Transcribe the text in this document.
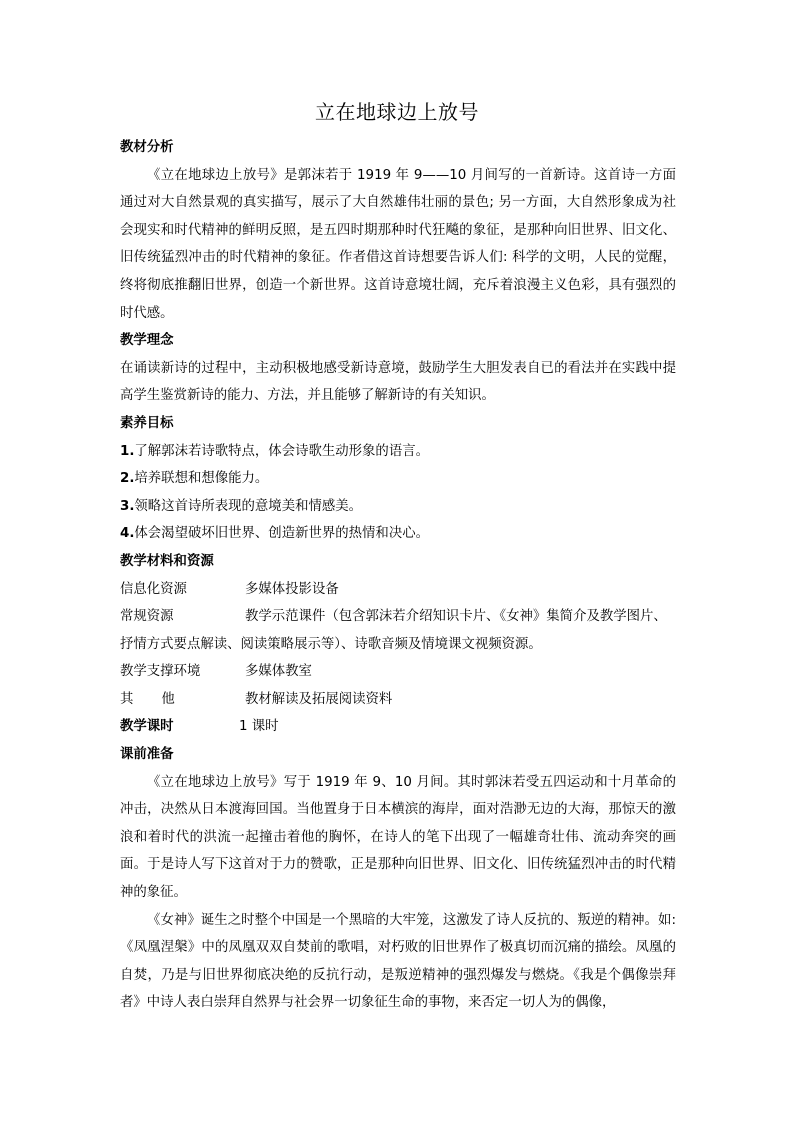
立在地球边上放号
教材分析

《立在地球边上放号》是郭沫若于 1919 年 9——10 月间写的一首新诗。这首诗一方面通过对大自然景观的真实描写，展示了大自然雄伟壮丽的景色; 另一方面，大自然形象成为社会现实和时代精神的鲜明反照，是五四时期那种时代狂飚的象征，是那种向旧世界、旧文化、旧传统猛烈冲击的时代精神的象征。作者借这首诗想要告诉人们: 科学的文明，人民的觉醒，终将彻底推翻旧世界，创造一个新世界。这首诗意境壮阔，充斥着浪漫主义色彩，具有强烈的时代感。

教学理念

在诵读新诗的过程中，主动积极地感受新诗意境，鼓励学生大胆发表自已的看法并在实践中提高学生鉴赏新诗的能力、方法，并且能够了解新诗的有关知识。

素养目标

1.了解郭沫若诗歌特点，体会诗歌生动形象的语言。

2.培养联想和想像能力。

3.领略这首诗所表现的意境美和情感美。

4.体会渴望破坏旧世界、创造新世界的热情和决心。

教学材料和资源
信息化资源	多媒体投影设备

常规资源	教学示范课件（包含郭沫若介绍知识卡片、《女神》集简介及教学图片、抒情方式要点解读、阅读策略展示等）、诗歌音频及情境课文视频资源。

教学支撑环境	多媒体教室
其 他	教材解读及拓展阅读资料
教学课时	1 课时
课前准备

《立在地球边上放号》写于 1919 年 9、10 月间。其时郭沫若受五四运动和十月革命的冲击，决然从日本渡海回国。当他置身于日本横滨的海岸，面对浩渺无边的大海，那惊天的激浪和着时代的洪流一起撞击着他的胸怀，在诗人的笔下出现了一幅雄奇壮伟、流动奔突的画面。于是诗人写下这首对于力的赞歌，正是那种向旧世界、旧文化、旧传统猛烈冲击的时代精神的象征。

《女神》诞生之时整个中国是一个黑暗的大牢笼，这激发了诗人反抗的、叛逆的精神。如:《凤凰涅槃》中的凤凰双双自焚前的歌唱，对朽败的旧世界作了极真切而沉痛的描绘。凤凰的自焚，乃是与旧世界彻底决绝的反抗行动，是叛逆精神的强烈爆发与燃烧。《我是个偶像崇拜者》中诗人表白崇拜自然界与社会界一切象征生命的事物，来否定一切人为的偶像，
